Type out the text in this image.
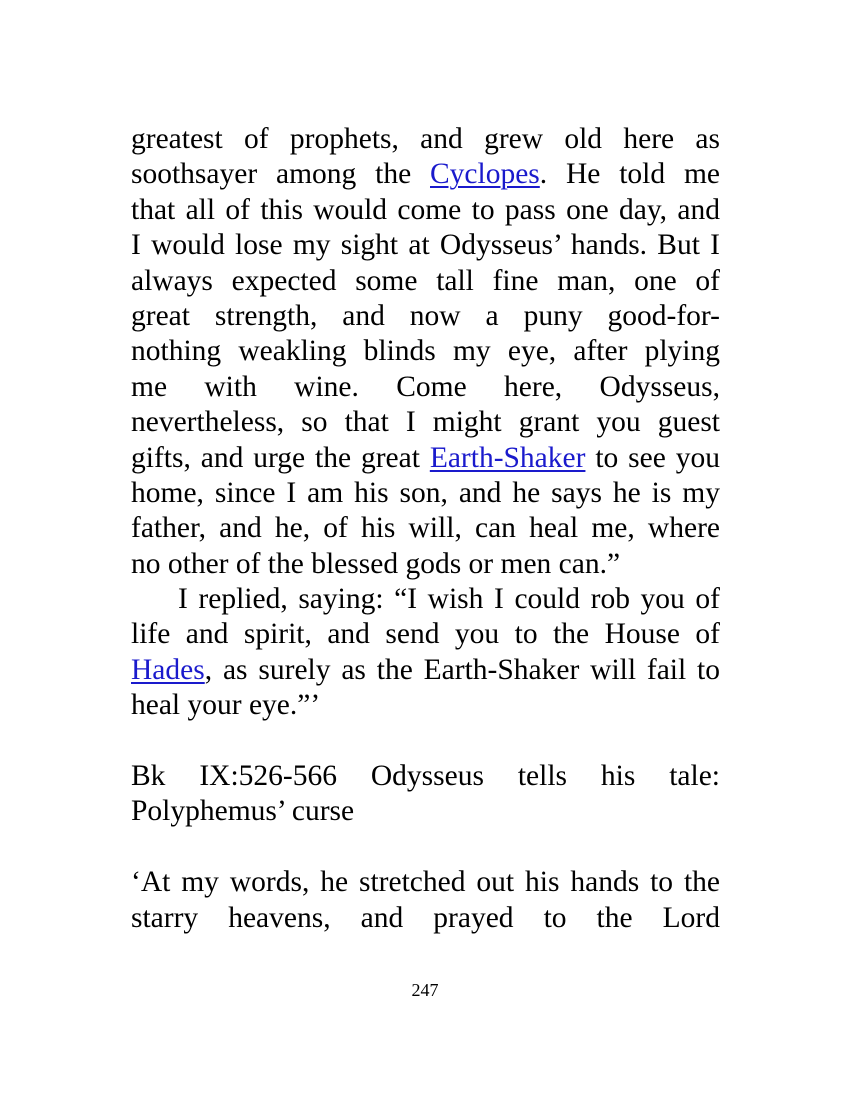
greatest of prophets, and grew old here as
soothsayer among the Cyclopes. He told me
that all of this would come to pass one day, and
I would lose my sight at Odysseus’ hands. But I
always expected some tall fine man, one of
great strength, and now a puny good-for-
nothing weakling blinds my eye, after plying
me with wine. Come here, Odysseus,
nevertheless, so that I might grant you guest
gifts, and urge the great Earth-Shaker to see you
home, since I am his son, and he says he is my
father, and he, of his will, can heal me, where
no other of the blessed gods or men can.”
I replied, saying: “I wish I could rob you of
life and spirit, and send you to the House of
Hades, as surely as the Earth-Shaker will fail to
heal your eye.”’
Bk IX:526-566 Odysseus tells his tale:
Polyphemus’ curse
‘At my words, he stretched out his hands to the
starry heavens, and prayed to the Lord
247
